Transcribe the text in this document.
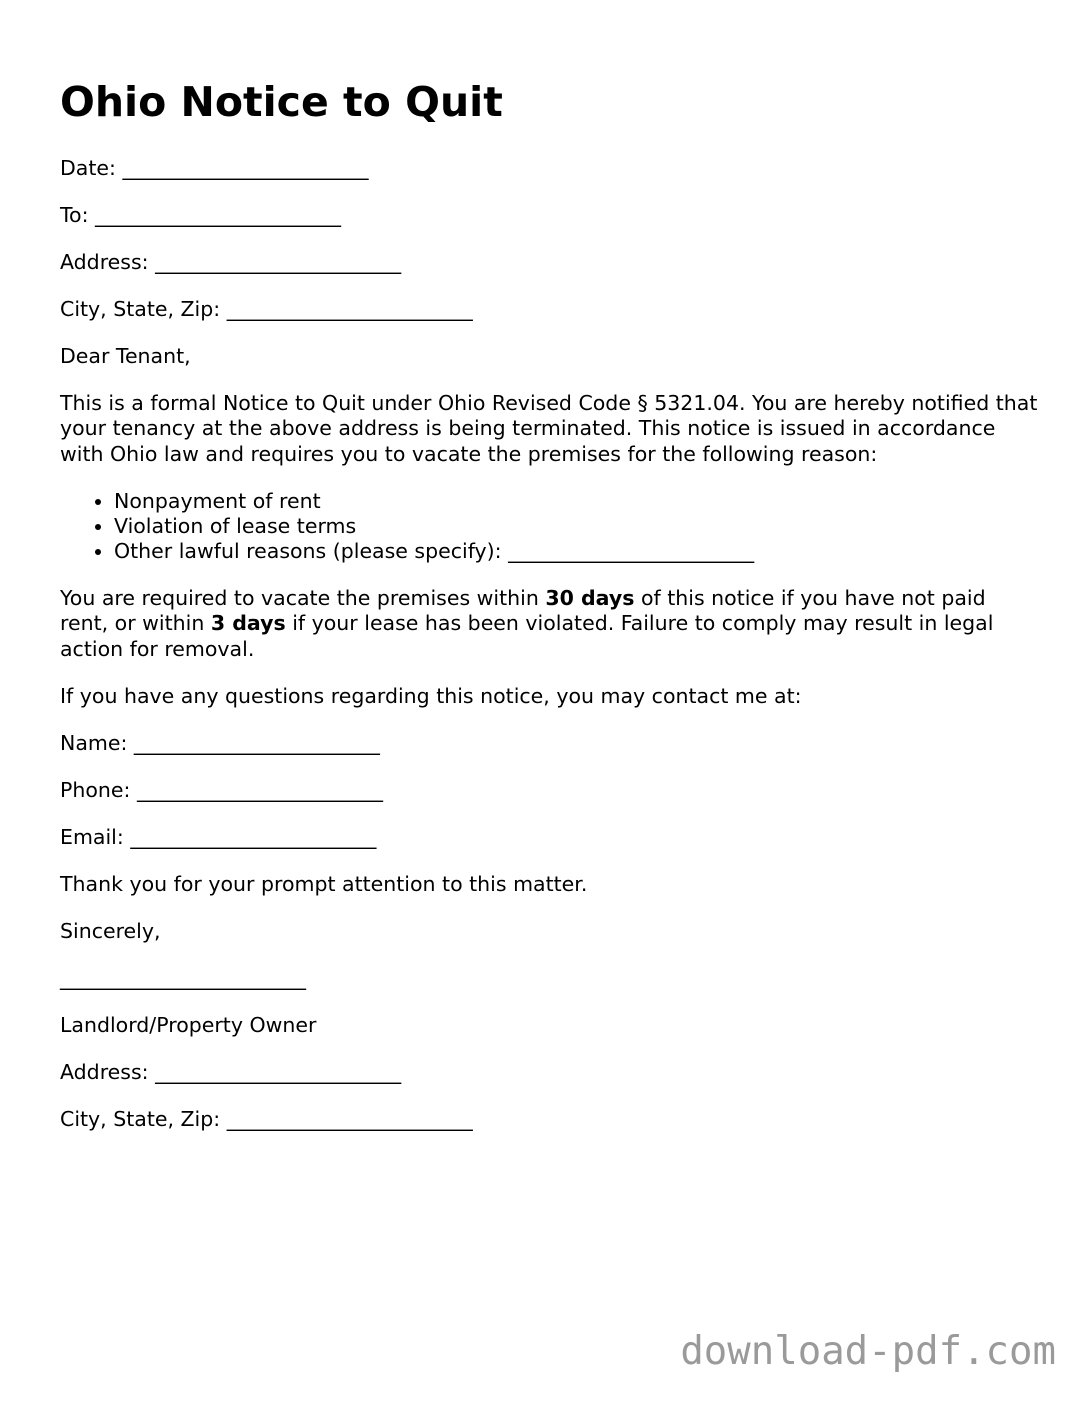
Ohio Notice to Quit

Date: ________________________

To: ________________________

Address: ________________________

City, State, Zip: ________________________

Dear Tenant,

This is a formal Notice to Quit under Ohio Revised Code § 5321.04. You are hereby notified that your tenancy at the above address is being terminated. This notice is issued in accordance with Ohio law and requires you to vacate the premises for the following reason:

• Nonpayment of rent
• Violation of lease terms
• Other lawful reasons (please specify): ________________________

You are required to vacate the premises within 30 days of this notice if you have not paid rent, or within 3 days if your lease has been violated. Failure to comply may result in legal action for removal.

If you have any questions regarding this notice, you may contact me at:

Name: ________________________

Phone: ________________________

Email: ________________________

Thank you for your prompt attention to this matter.

Sincerely,

________________________

Landlord/Property Owner

Address: ________________________

City, State, Zip: ________________________

download-pdf.com
